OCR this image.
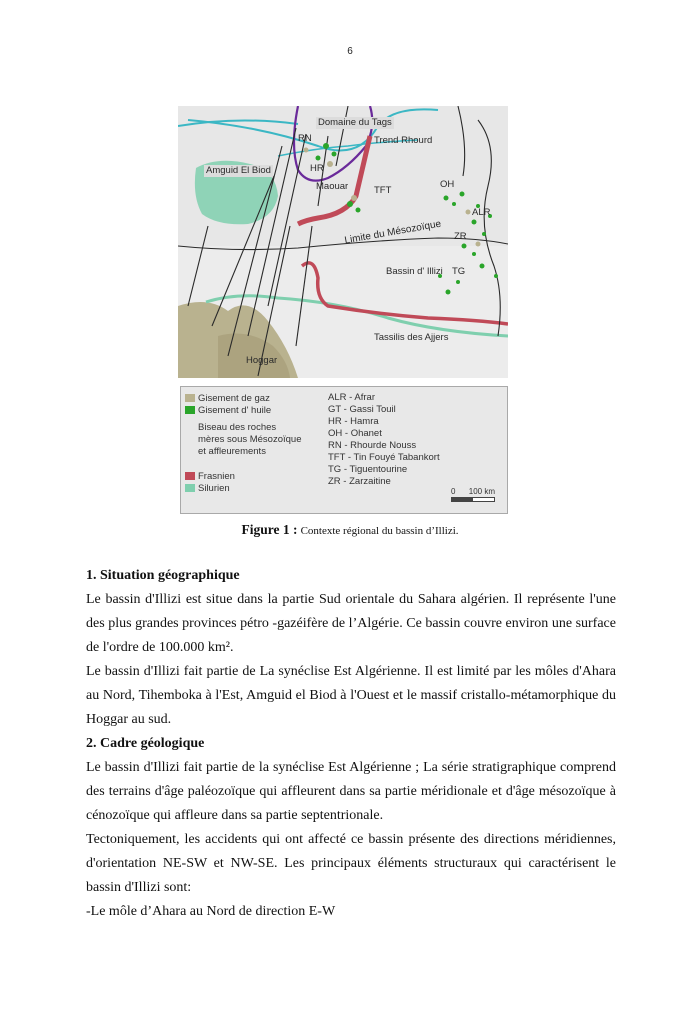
6
Domaine du Tags
RN	Trend Rhourd
Amguid El Biod	HR
Maouar	TFT
OH
ALR
Limite du Mésozoïque ZR
Bassin d' Illizi TG
Tassilis des Ajjers
Hoggar
Gisement de gaz
Gisement d' huile
Biseau des roches
mères sous Mésozoïque
et affleurements
Frasnien
Silurien
ALR - Afrar
GT - Gassi Touil
HR - Hamra
OH - Ohanet
RN - Rhourde Nouss
TFT - Tin Fouyé Tabankort
TG - Tiguentourine
ZR - Zarzaitine
0 100 km
Figure 1 : Contexte régional du bassin d’Illizi.
1. Situation géographique

Le bassin d'Illizi est situe dans la partie Sud orientale du Sahara algérien. Il représente l'une des plus grandes provinces pétro -gazéifère de l’Algérie. Ce bassin couvre environ une surface de l'ordre de 100.000 km².

Le bassin d'Illizi fait partie de La synéclise Est Algérienne. Il est limité par les môles d'Ahara au Nord, Tihemboka à l'Est, Amguid el Biod à l'Ouest et le massif cristallo-métamorphique du Hoggar au sud.

2. Cadre géologique

Le bassin d'Illizi fait partie de la synéclise Est Algérienne ; La série stratigraphique comprend des terrains d'âge paléozoïque qui affleurent dans sa partie méridionale et d'âge mésozoïque à cénozoïque qui affleure dans sa partie septentrionale.

Tectoniquement, les accidents qui ont affecté ce bassin présente des directions méridiennes, d'orientation NE-SW et NW-SE. Les principaux éléments structuraux qui caractérisent le bassin d'Illizi sont:

-Le môle d’Ahara au Nord de direction E-W
